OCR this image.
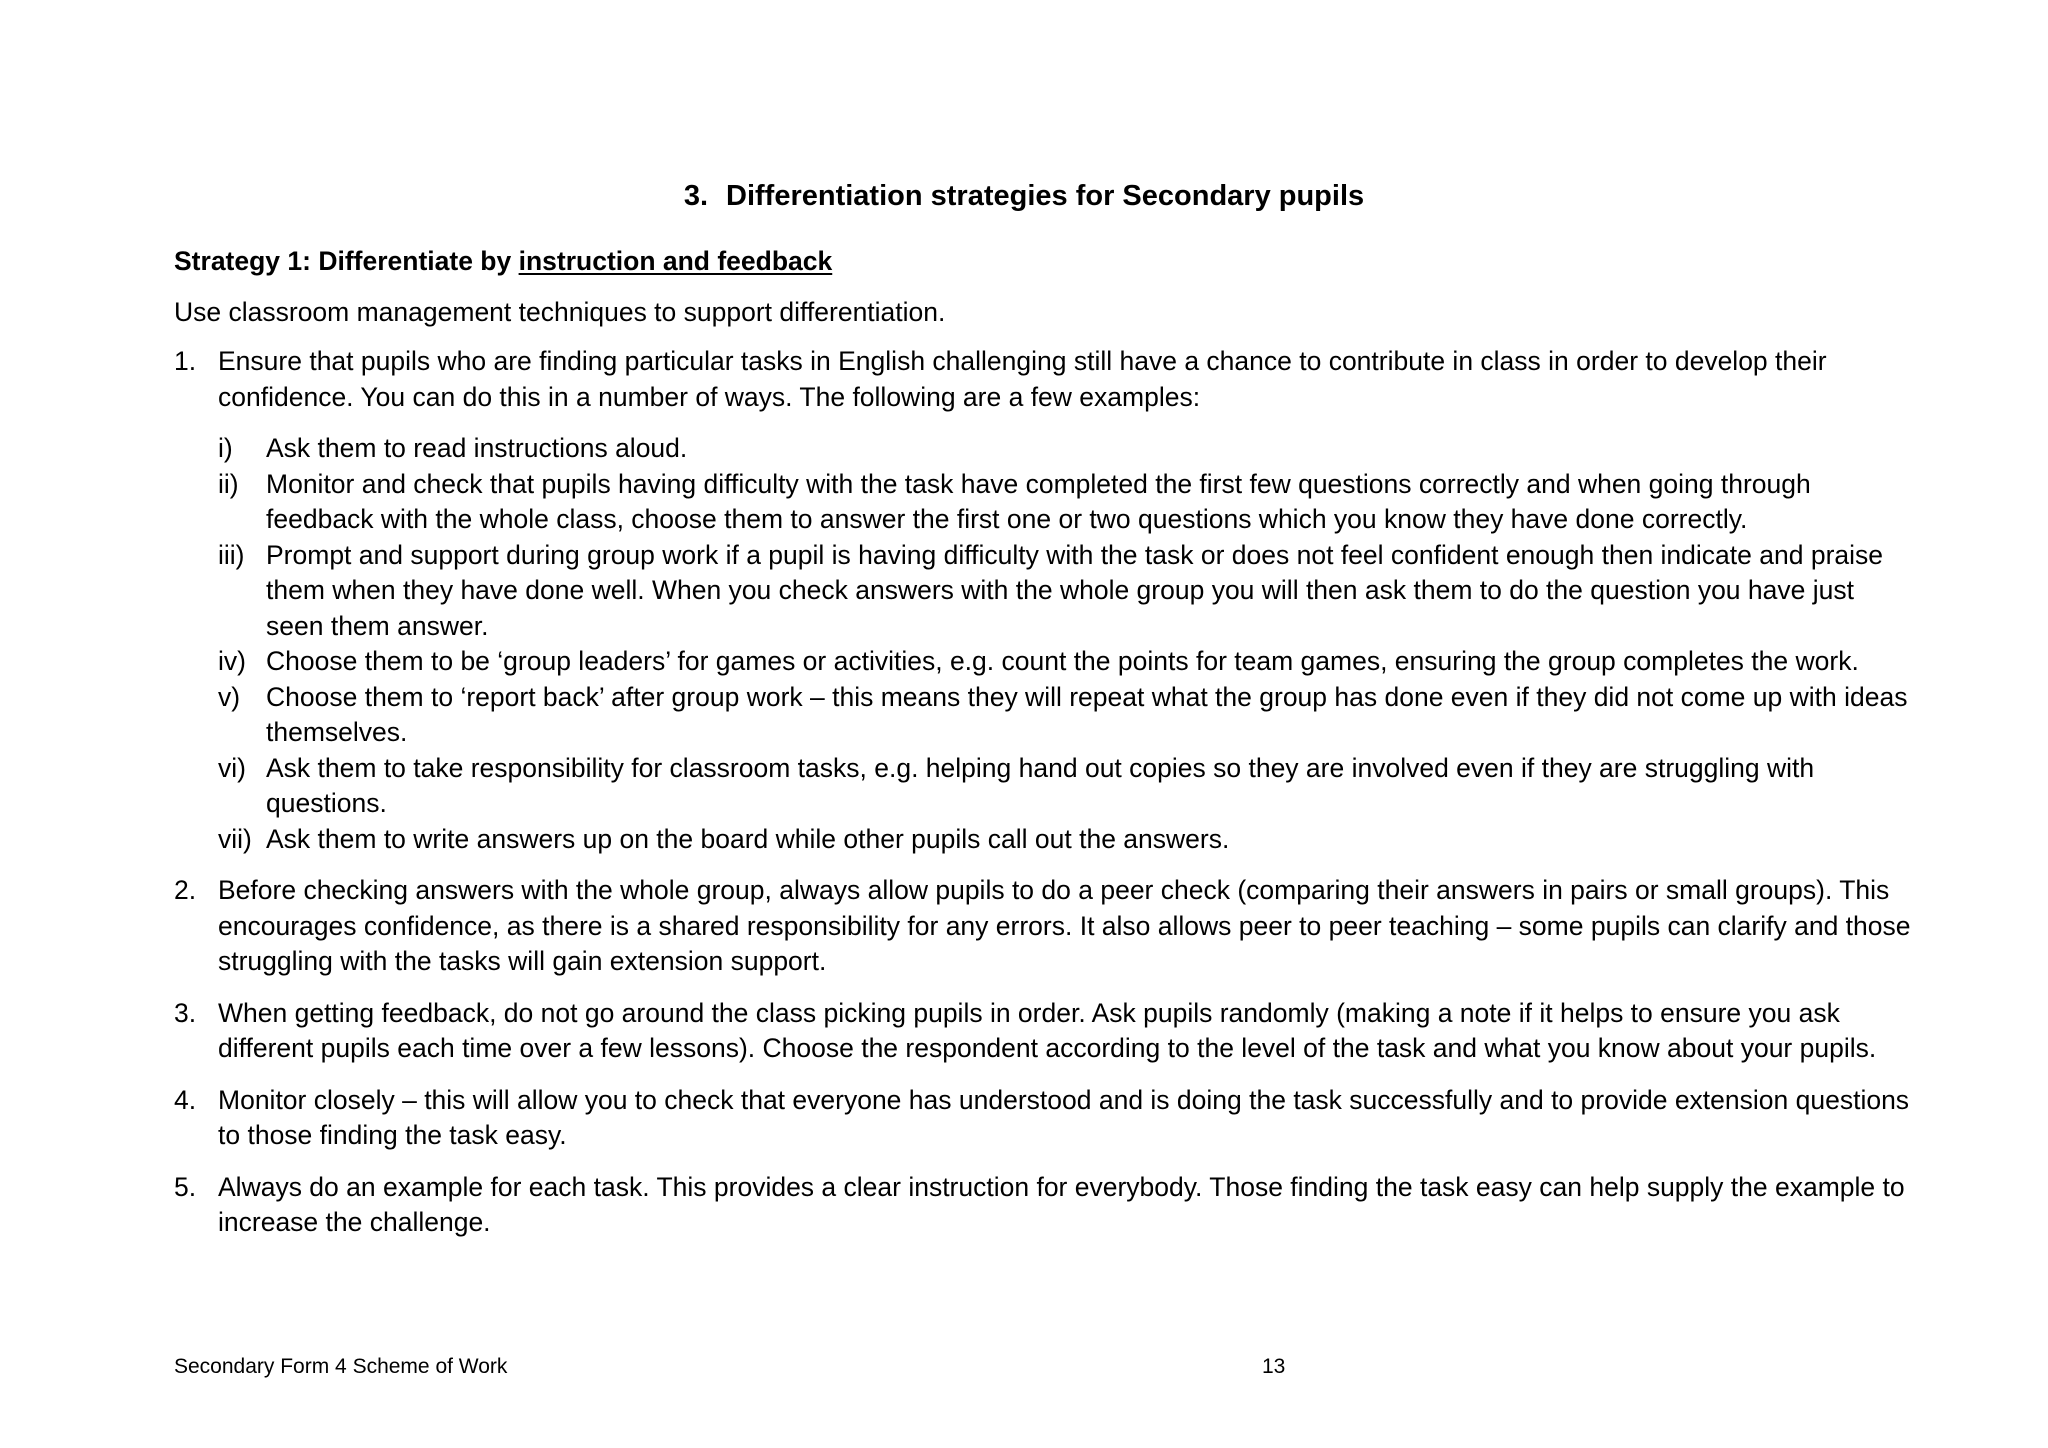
3. Differentiation strategies for Secondary pupils

Strategy 1: Differentiate by instruction and feedback

Use classroom management techniques to support differentiation.

1. Ensure that pupils who are finding particular tasks in English challenging still have a chance to contribute in class in order to develop their confidence. You can do this in a number of ways. The following are a few examples:
i) Ask them to read instructions aloud.
ii) Monitor and check that pupils having difficulty with the task have completed the first few questions correctly and when going through feedback with the whole class, choose them to answer the first one or two questions which you know they have done correctly.
iii) Prompt and support during group work if a pupil is having difficulty with the task or does not feel confident enough then indicate and praise them when they have done well. When you check answers with the whole group you will then ask them to do the question you have just seen them answer.
iv) Choose them to be ‘group leaders’ for games or activities, e.g. count the points for team games, ensuring the group completes the work.
v) Choose them to ‘report back’ after group work – this means they will repeat what the group has done even if they did not come up with ideas themselves.
vi) Ask them to take responsibility for classroom tasks, e.g. helping hand out copies so they are involved even if they are struggling with questions.
vii) Ask them to write answers up on the board while other pupils call out the answers.
2. Before checking answers with the whole group, always allow pupils to do a peer check (comparing their answers in pairs or small groups). This encourages confidence, as there is a shared responsibility for any errors. It also allows peer to peer teaching – some pupils can clarify and those struggling with the tasks will gain extension support.
3. When getting feedback, do not go around the class picking pupils in order. Ask pupils randomly (making a note if it helps to ensure you ask different pupils each time over a few lessons). Choose the respondent according to the level of the task and what you know about your pupils.
4. Monitor closely – this will allow you to check that everyone has understood and is doing the task successfully and to provide extension questions to those finding the task easy.
5. Always do an example for each task. This provides a clear instruction for everybody. Those finding the task easy can help supply the example to increase the challenge.
Secondary Form 4 Scheme of Work	13
